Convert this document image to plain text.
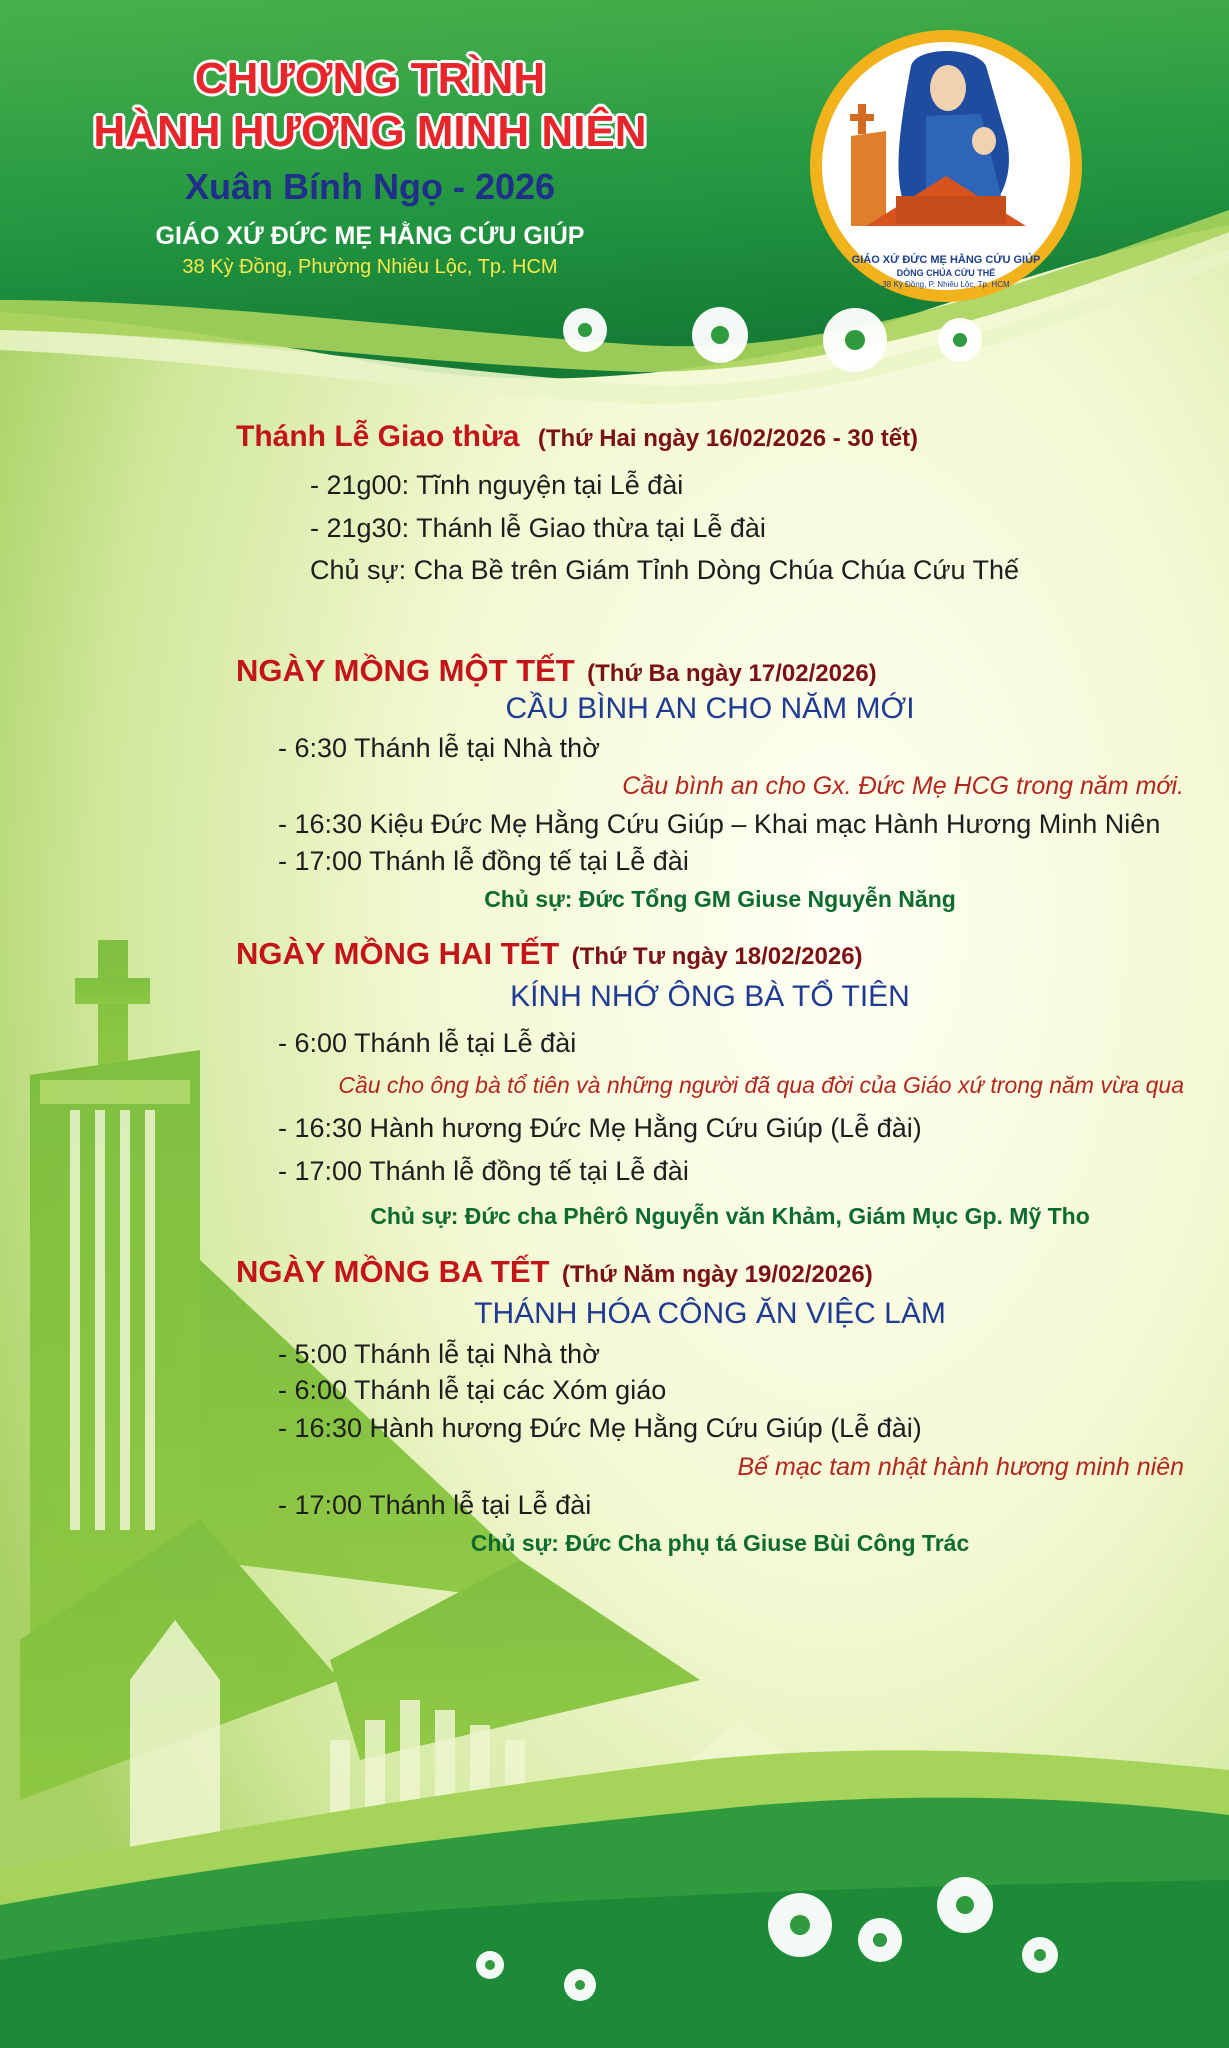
CHƯƠNG TRÌNH
HÀNH HƯƠNG MINH NIÊN
Xuân Bính Ngọ - 2026
GIÁO XỨ ĐỨC MẸ HẰNG CỨU GIÚP
38 Kỳ Đồng, Phường Nhiêu Lộc, Tp. HCM	GIÁO XỨ ĐỨC MẸ HẰNG CỨU GIÚP
DÒNG CHÚA CỨU THẾ
38 Kỳ Đồng, P. Nhiêu Lộc, Tp. HCM
Thánh Lễ Giao thừa (Thứ Hai ngày 16/02/2026 - 30 tết)
- 21g00: Tĩnh nguyện tại Lễ đài
- 21g30: Thánh lễ Giao thừa tại Lễ đài
Chủ sự: Cha Bề trên Giám Tỉnh Dòng Chúa Chúa Cứu Thế
NGÀY MỒNG MỘT TẾT (Thứ Ba ngày 17/02/2026)
CẦU BÌNH AN CHO NĂM MỚI
- 6:30 Thánh lễ tại Nhà thờ
Cầu bình an cho Gx. Đức Mẹ HCG trong năm mới.
- 16:30 Kiệu Đức Mẹ Hằng Cứu Giúp – Khai mạc Hành Hương Minh Niên
- 17:00 Thánh lễ đồng tế tại Lễ đài
Chủ sự: Đức Tổng GM Giuse Nguyễn Năng
NGÀY MỒNG HAI TẾT (Thứ Tư ngày 18/02/2026)
KÍNH NHỚ ÔNG BÀ TỔ TIÊN
- 6:00 Thánh lễ tại Lễ đài
Cầu cho ông bà tổ tiên và những người đã qua đời của Giáo xứ trong năm vừa qua
- 16:30 Hành hương Đức Mẹ Hằng Cứu Giúp (Lễ đài)
- 17:00 Thánh lễ đồng tế tại Lễ đài
Chủ sự: Đức cha Phêrô Nguyễn văn Khảm, Giám Mục Gp. Mỹ Tho
NGÀY MỒNG BA TẾT (Thứ Năm ngày 19/02/2026)
THÁNH HÓA CÔNG ĂN VIỆC LÀM
- 5:00 Thánh lễ tại Nhà thờ
- 6:00 Thánh lễ tại các Xóm giáo
- 16:30 Hành hương Đức Mẹ Hằng Cứu Giúp (Lễ đài)
Bế mạc tam nhật hành hương minh niên
- 17:00 Thánh lễ tại Lễ đài
Chủ sự: Đức Cha phụ tá Giuse Bùi Công Trác
